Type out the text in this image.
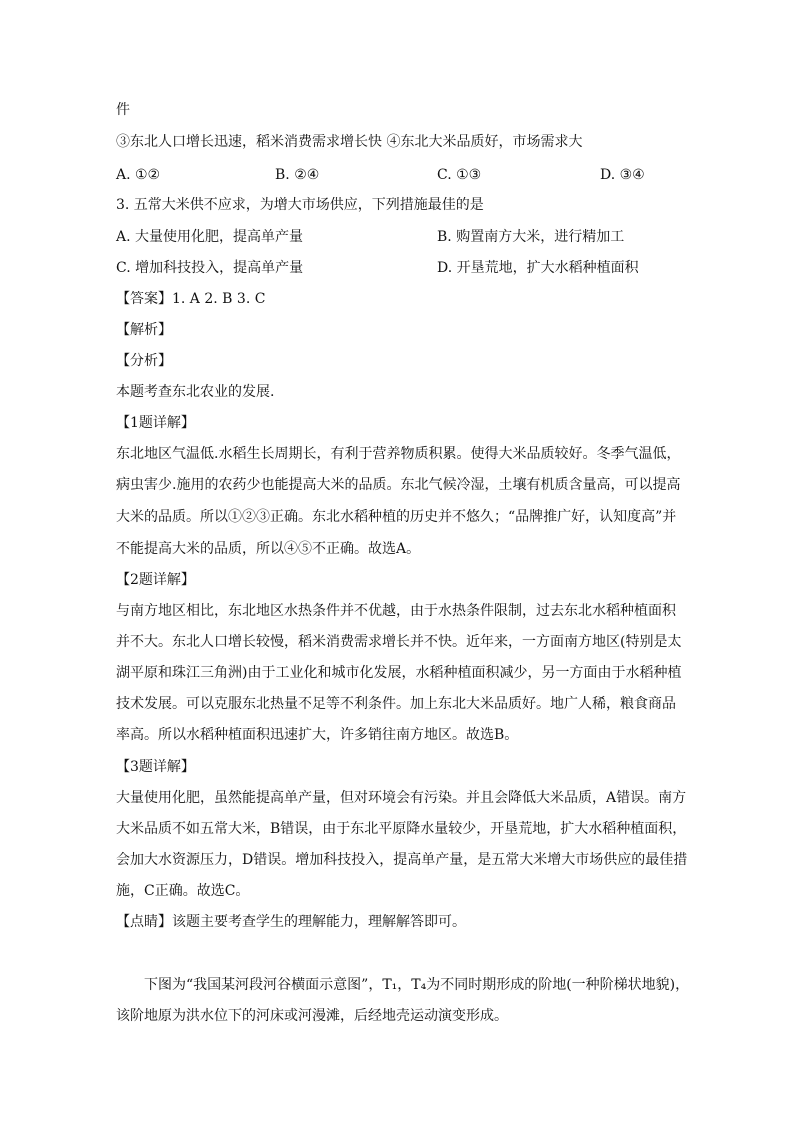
件
③东北人口增长迅速，稻米消费需求增长快 ④东北大米品质好，市场需求大
A. ①②	B. ②④	C. ①③	D. ③④
3. 五常大米供不应求，为增大市场供应，下列措施最佳的是
A. 大量使用化肥，提高单产量	B. 购置南方大米，进行精加工
C. 增加科技投入，提高单产量	D. 开垦荒地，扩大水稻种植面积
【答案】1. A 2. B 3. C
【解析】
【分析】
本题考查东北农业的发展.
【1题详解】
东北地区气温低.水稻生长周期长，有利于营养物质积累。使得大米品质较好。冬季气温低，
病虫害少.施用的农药少也能提高大米的品质。东北气候冷湿，土壤有机质含量高，可以提高
大米的品质。所以①②③正确。东北水稻种植的历史并不悠久；“品牌推广好，认知度高”并
不能提高大米的品质，所以④⑤不正确。故选A。
【2题详解】
与南方地区相比，东北地区水热条件并不优越，由于水热条件限制，过去东北水稻种植面积
并不大。东北人口增长较慢，稻米消费需求增长并不快。近年来，一方面南方地区(特别是太
湖平原和珠江三角洲)由于工业化和城市化发展，水稻种植面积减少，另一方面由于水稻种植
技术发展。可以克服东北热量不足等不利条件。加上东北大米品质好。地广人稀，粮食商品
率高。所以水稻种植面积迅速扩大，许多销往南方地区。故选B。
【3题详解】
大量使用化肥，虽然能提高单产量，但对环境会有污染。并且会降低大米品质，A错误。南方
大米品质不如五常大米，B错误，由于东北平原降水量较少，开垦荒地，扩大水稻种植面积，
会加大水资源压力，D错误。增加科技投入，提高单产量，是五常大米增大市场供应的最佳措
施，C正确。故选C。
【点睛】该题主要考查学生的理解能力，理解解答即可。
下图为“我国某河段河谷横面示意图”，T₁，T₄为不同时期形成的阶地(一种阶梯状地貌)，
该阶地原为洪水位下的河床或河漫滩，后经地壳运动演变形成。
